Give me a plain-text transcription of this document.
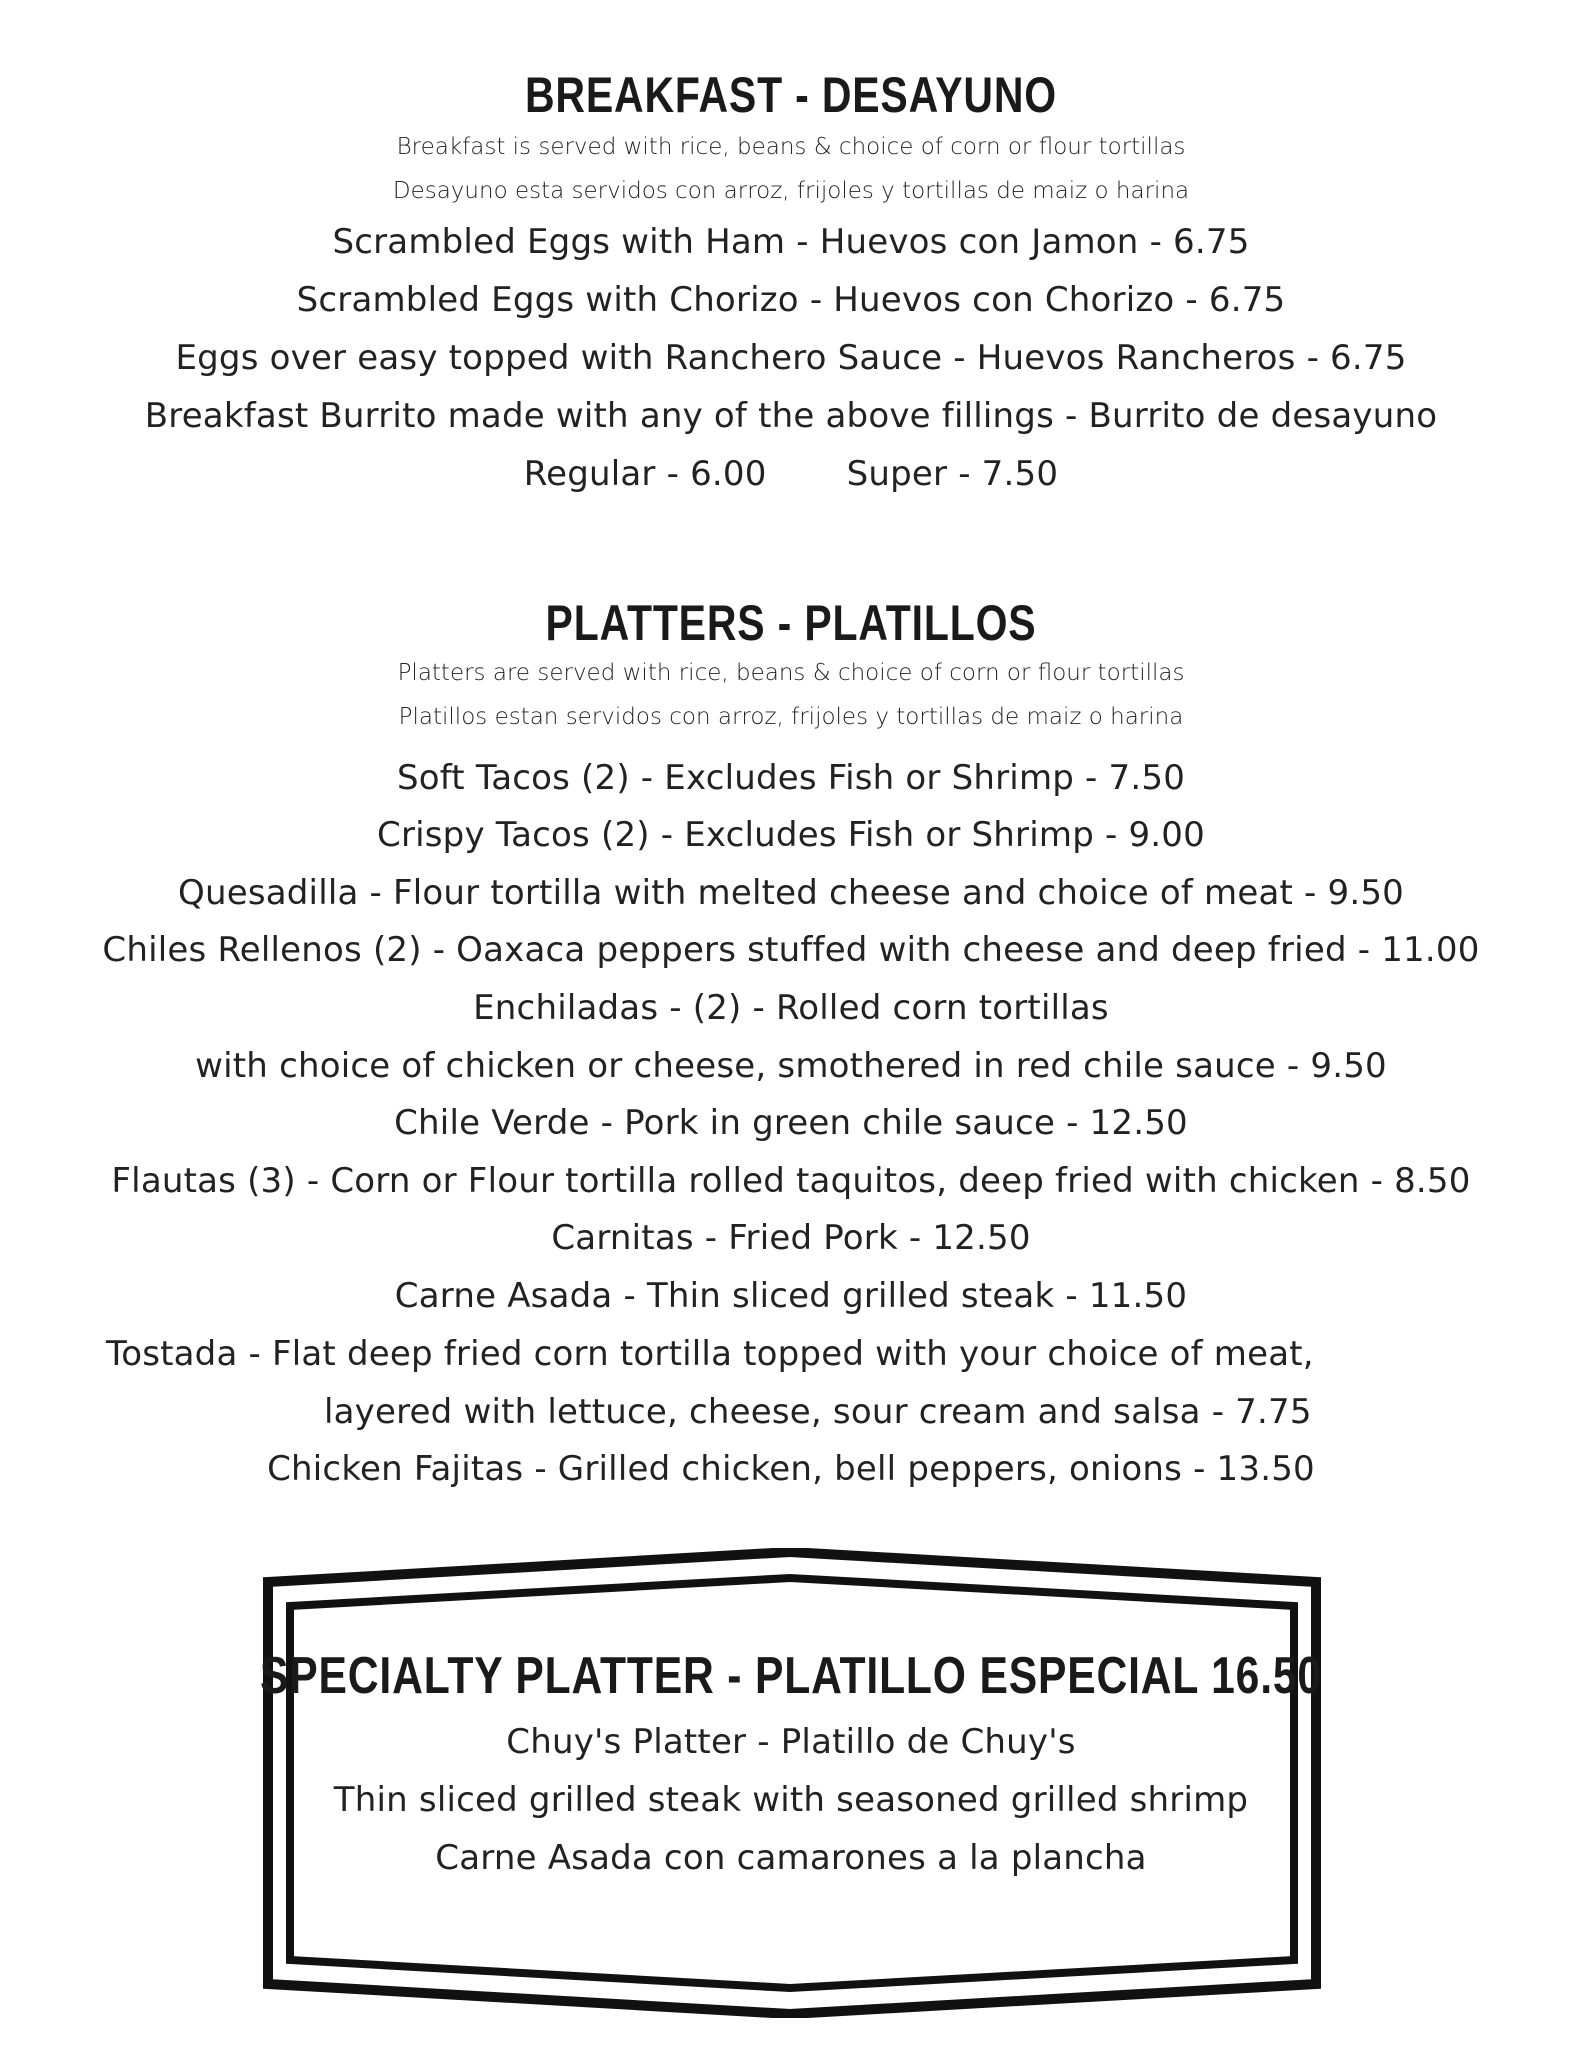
BREAKFAST - DESAYUNO
Breakfast is served with rice, beans & choice of corn or flour tortillas
Desayuno esta servidos con arroz, frijoles y tortillas de maiz o harina
Scrambled Eggs with Ham - Huevos con Jamon - 6.75
Scrambled Eggs with Chorizo - Huevos con Chorizo - 6.75
Eggs over easy topped with Ranchero Sauce - Huevos Rancheros - 6.75
Breakfast Burrito made with any of the above fillings - Burrito de desayuno
Regular - 6.00 Super - 7.50
PLATTERS - PLATILLOS
Platters are served with rice, beans & choice of corn or flour tortillas
Platillos estan servidos con arroz, frijoles y tortillas de maiz o harina
Soft Tacos (2) - Excludes Fish or Shrimp - 7.50
Crispy Tacos (2) - Excludes Fish or Shrimp - 9.00
Quesadilla - Flour tortilla with melted cheese and choice of meat - 9.50
Chiles Rellenos (2) - Oaxaca peppers stuffed with cheese and deep fried - 11.00
Enchiladas - (2) - Rolled corn tortillas
with choice of chicken or cheese, smothered in red chile sauce - 9.50
Chile Verde - Pork in green chile sauce - 12.50
Flautas (3) - Corn or Flour tortilla rolled taquitos, deep fried with chicken - 8.50
Carnitas - Fried Pork - 12.50
Carne Asada - Thin sliced grilled steak - 11.50
Tostada - Flat deep fried corn tortilla topped with your choice of meat,
layered with lettuce, cheese, sour cream and salsa - 7.75
Chicken Fajitas - Grilled chicken, bell peppers, onions - 13.50
SPECIALTY PLATTER - PLATILLO ESPECIAL 16.50
Chuy's Platter - Platillo de Chuy's
Thin sliced grilled steak with seasoned grilled shrimp
Carne Asada con camarones a la plancha
